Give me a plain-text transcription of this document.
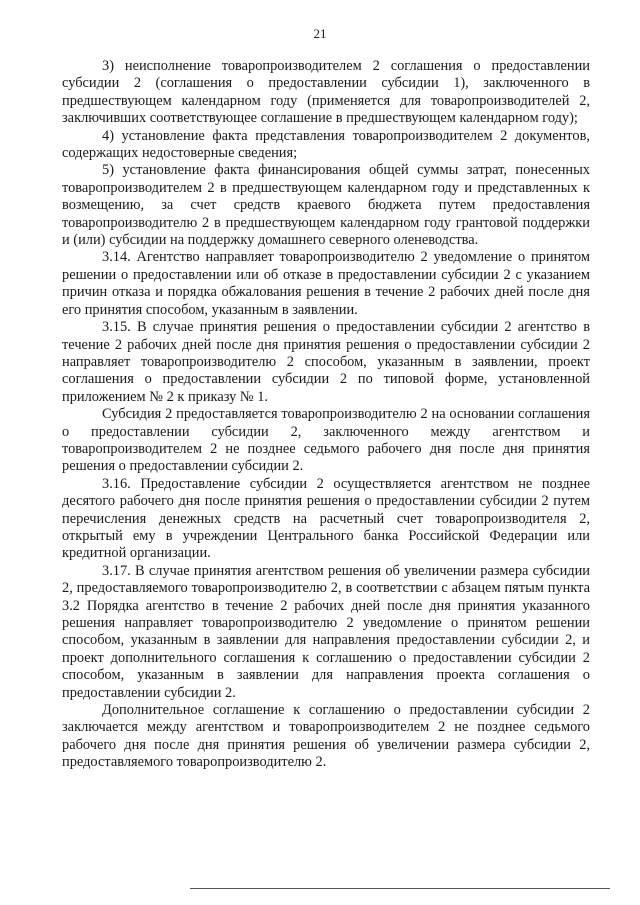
21

3) неисполнение товаропроизводителем 2 соглашения о предоставлении субсидии 2 (соглашения о предоставлении субсидии 1), заключенного в предшествующем календарном году (применяется для товаропроизводителей 2, заключивших соответствующее соглашение в предшествующем календарном году);

4) установление факта представления товаропроизводителем 2 документов, содержащих недостоверные сведения;

5) установление факта финансирования общей суммы затрат, понесенных товаропроизводителем 2 в предшествующем календарном году и представленных к возмещению, за счет средств краевого бюджета путем предоставления товаропроизводителю 2 в предшествующем календарном году грантовой поддержки и (или) субсидии на поддержку домашнего северного оленеводства.

3.14. Агентство направляет товаропроизводителю 2 уведомление о принятом решении о предоставлении или об отказе в предоставлении субсидии 2 с указанием причин отказа и порядка обжалования решения в течение 2 рабочих дней после дня его принятия способом, указанным в заявлении.

3.15. В случае принятия решения о предоставлении субсидии 2 агентство в течение 2 рабочих дней после дня принятия решения о предоставлении субсидии 2 направляет товаропроизводителю 2 способом, указанным в заявлении, проект соглашения о предоставлении субсидии 2 по типовой форме, установленной приложением № 2 к приказу № 1.

Субсидия 2 предоставляется товаропроизводителю 2 на основании соглашения о предоставлении субсидии 2, заключенного между агентством и товаропроизводителем 2 не позднее седьмого рабочего дня после дня принятия решения о предоставлении субсидии 2.

3.16. Предоставление субсидии 2 осуществляется агентством не позднее десятого рабочего дня после принятия решения о предоставлении субсидии 2 путем перечисления денежных средств на расчетный счет товаропроизводителя 2, открытый ему в учреждении Центрального банка Российской Федерации или кредитной организации.

3.17. В случае принятия агентством решения об увеличении размера субсидии 2, предоставляемого товаропроизводителю 2, в соответствии с абзацем пятым пункта 3.2 Порядка агентство в течение 2 рабочих дней после дня принятия указанного решения направляет товаропроизводителю 2 уведомление о принятом решении способом, указанным в заявлении для направления предоставлении субсидии 2, и проект дополнительного соглашения к соглашению о предоставлении субсидии 2 способом, указанным в заявлении для направления проекта соглашения о предоставлении субсидии 2.

Дополнительное соглашение к соглашению о предоставлении субсидии 2 заключается между агентством и товаропроизводителем 2 не позднее седьмого рабочего дня после дня принятия решения об увеличении размера субсидии 2, предоставляемого товаропроизводителю 2.
